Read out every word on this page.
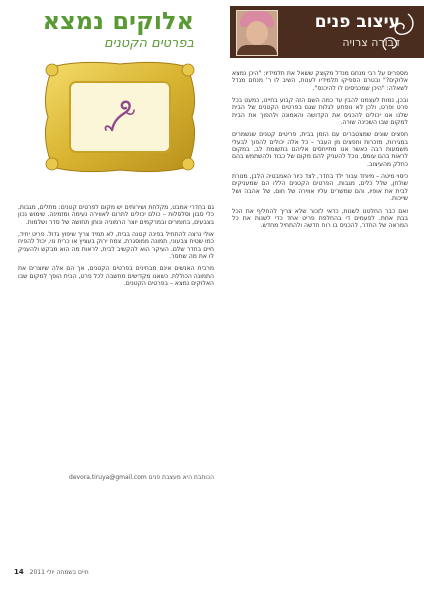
אלוקים נמצא
בפרטים הקטנים
עיצוב פנים
דבורה צרויה

מספרים על רבי מנחם מנדל מקוצק ששאל את תלמידיו: "היכן נמצא אלוקים?" ובטרם הספיקו תלמידיו לענות, השיב לו ר' מנחם מנדל לשאלה: "היכן שמכניסים לו להיכנס".

ובכן, נמות לעצמנו להבין עד כמה השם הזה קבוע בחיינו, כמעט בכל פרט ופרט, ולכן לא נופתע לגלות שגם בפרטים הקטנים של הבית שלנו אנו יכולים להכניס את הקדושה והאמונה ולהפוך את הבית למקום שבו השכינה שורה.

חפצים שונים שמצטברים עם הזמן בבית, פריטים קטנים שנשמרים במגירות, מזכרות וחפצים מן העבר – כל אלה יכולים להפוך לבעלי משמעות רבה כאשר אנו מתייחסים אליהם בתשומת לב. במקום לראות בהם עומס, נוכל להעניק להם מקום של כבוד ולהשתמש בהם כחלק מהעיצוב.

כיסוי מיטה – מיוחד עבור ילד בחדר, לצד כיור האמבטיה הלבן, מנורת שולחן, שלל כלים, מגבות. הפרטים הקטנים הללו הם שמעניקים לבית את אופיו, והם שמשרים עליו אווירה של חום, של אהבה ושל שייכות.

ואם כבר החלטנו לשנות, כדאי לזכור שלא צריך להחליף את הכל בבת אחת. לפעמים די בהחלפת פריט אחד כדי לשנות את כל המראה של החדר, להכניס בו רוח חדשה ולהתחיל מחדש.

גם בחדרי אמבט, מקלחת ושירותים יש מקום לפרטים קטנים: מתלים, מגבות, כלי סבון וסלסלות – כולם יכולים לתרום לאווירה נעימה ומזמינה. שימוש נכון בצבעים, בחומרים ובמרקמים יוצר הרמוניה ונותן תחושה של סדר ושלמות.

אולי נרצה להתחיל בפינה קטנה בבית, לא תמיד צריך שיפוץ גדול. פריט יחיד, כמו שטיח צבעוני, תמונה ממוסגרת, צמח ירוק בעציץ או כרית נוי, יכול להפיח חיים בחדר שלם. העיקר הוא להקשיב לבית, לראות מה הוא מבקש ולהעניק לו את מה שחסר.

מרבית האנשים אינם מבחינים בפרטים הקטנים, אך הם אלה שיוצרים את התמונה הכוללת. כשאנו מקדישים מחשבה לכל פרט, הבית הופך למקום שבו האלוקים נמצא – בפרטים הקטנים.

הכותבת היא מעצבת פנים devora.tiruya@gmail.com
14 חיים בשמחה יולי 2011
